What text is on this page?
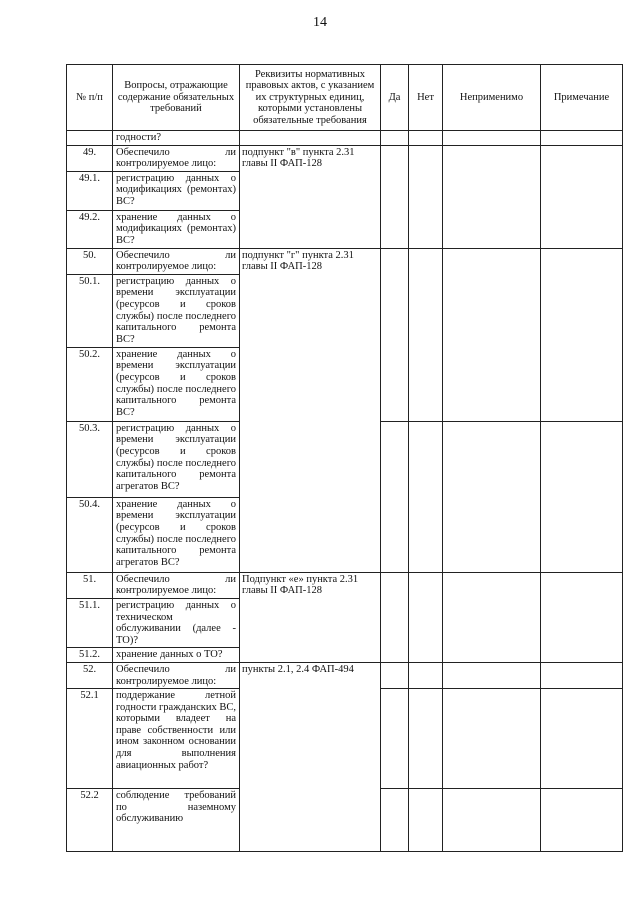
14
№ п/п	Вопросы, отражающие содержание обязательных требований	Реквизиты нормативных правовых актов, с указанием их структурных единиц, которыми установлены обязательные требования	Да	Нет	Неприменимо	Примечание
	годности?					
49.	Обеспечило ли контролируемое лицо:	подпункт "в" пункта 2.31 главы II ФАП-128				
49.1.	регистрацию данных о модификациях (ремонтах) ВС?					
49.2.	хранение данных о модификациях (ремонтах) ВС?					
50.	Обеспечило ли контролируемое лицо:	подпункт "г" пункта 2.31 главы II ФАП-128				
50.1.	регистрацию данных о времени эксплуатации (ресурсов и сроков службы) после последнего капитального ремонта ВС?					
50.2.	хранение данных о времени эксплуатации (ресурсов и сроков службы) после последнего капитального ремонта ВС?					
50.3.	регистрацию данных о времени эксплуатации (ресурсов и сроков службы) после последнего капитального ремонта агрегатов ВС?					
50.4.	хранение данных о времени эксплуатации (ресурсов и сроков службы) после последнего капитального ремонта агрегатов ВС?					
51.	Обеспечило ли контролируемое лицо:	Подпункт «е» пункта 2.31 главы II ФАП-128				
51.1.	регистрацию данных о техническом обслуживании (далее - ТО)?					
51.2.	хранение данных о ТО?					
52.	Обеспечило ли контролируемое лицо:	пункты 2.1, 2.4 ФАП-494				
52.1	поддержание летной годности гражданских ВС, которыми владеет на праве собственности или ином законном основании для выполнения авиационных работ?					
52.2	соблюдение требований по наземному обслуживанию					
